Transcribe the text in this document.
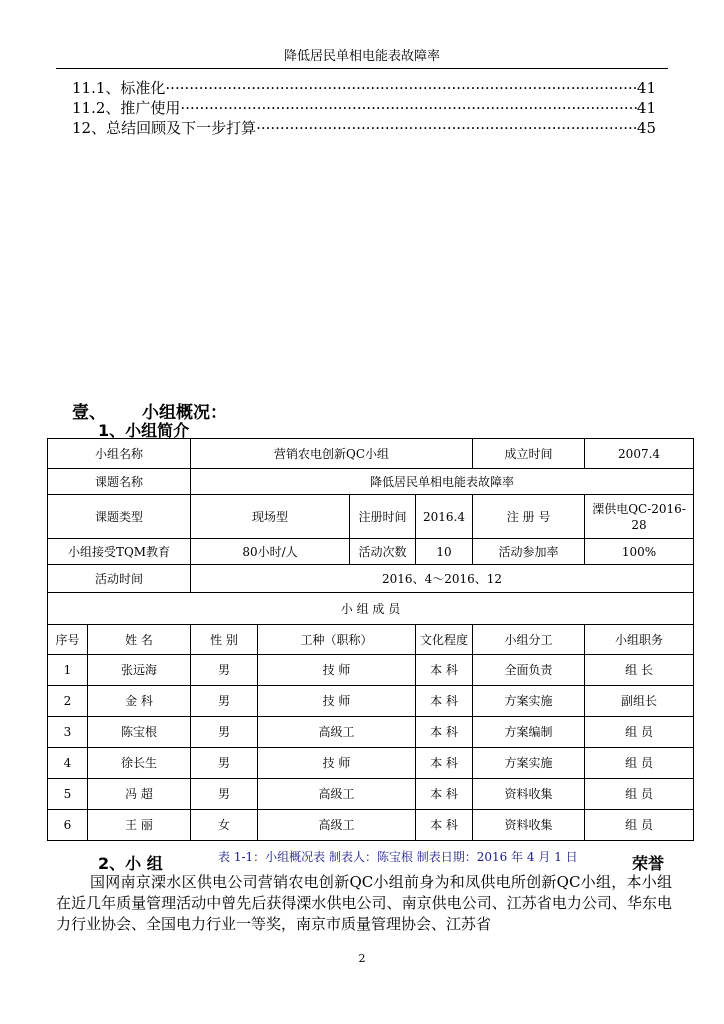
降低居民单相电能表故障率
11.1、标准化 ·····	41
11.2、推广使用 ·····	41
12、总结回顾及下一步打算 ·····	45
壹、 小组概况：
1、小组简介
小组名称		营销农电创新QC小组				成立时间	2007.4
课题名称		降低居民单相电能表故障率					
课题类型		现场型		注册时间	2016.4	注 册 号	溧供电QC-2016-28
小组接受TQM教育		80小时/人		活动次数	10	活动参加率	100%
活动时间		2016、4～2016、12					
小 组 成 员							
序号	姓 名	性 别	工种（职称）		文化程度	小组分工	小组职务
1	张远海	男	技 师		本 科	全面负责	组 长
2	金 科	男	技 师		本 科	方案实施	副组长
3	陈宝根	男	高级工		本 科	方案编制	组 员
4	徐长生	男	技 师		本 科	方案实施	组 员
5	冯 超	男	高级工		本 科	资料收集	组 员
6	王 丽	女	高级工		本 科	资料收集	组 员
表 1-1：小组概况表 制表人：陈宝根 制表日期：2016 年 4 月 1 日
2、小 组	荣誉
国网南京溧水区供电公司营销农电创新QC小组前身为和凤供电所创新QC小组，本小组在近几年质量管理活动中曾先后获得溧水供电公司、南京供电公司、江苏省电力公司、华东电力行业协会、全国电力行业一等奖，南京市质量管理协会、江苏省
2
